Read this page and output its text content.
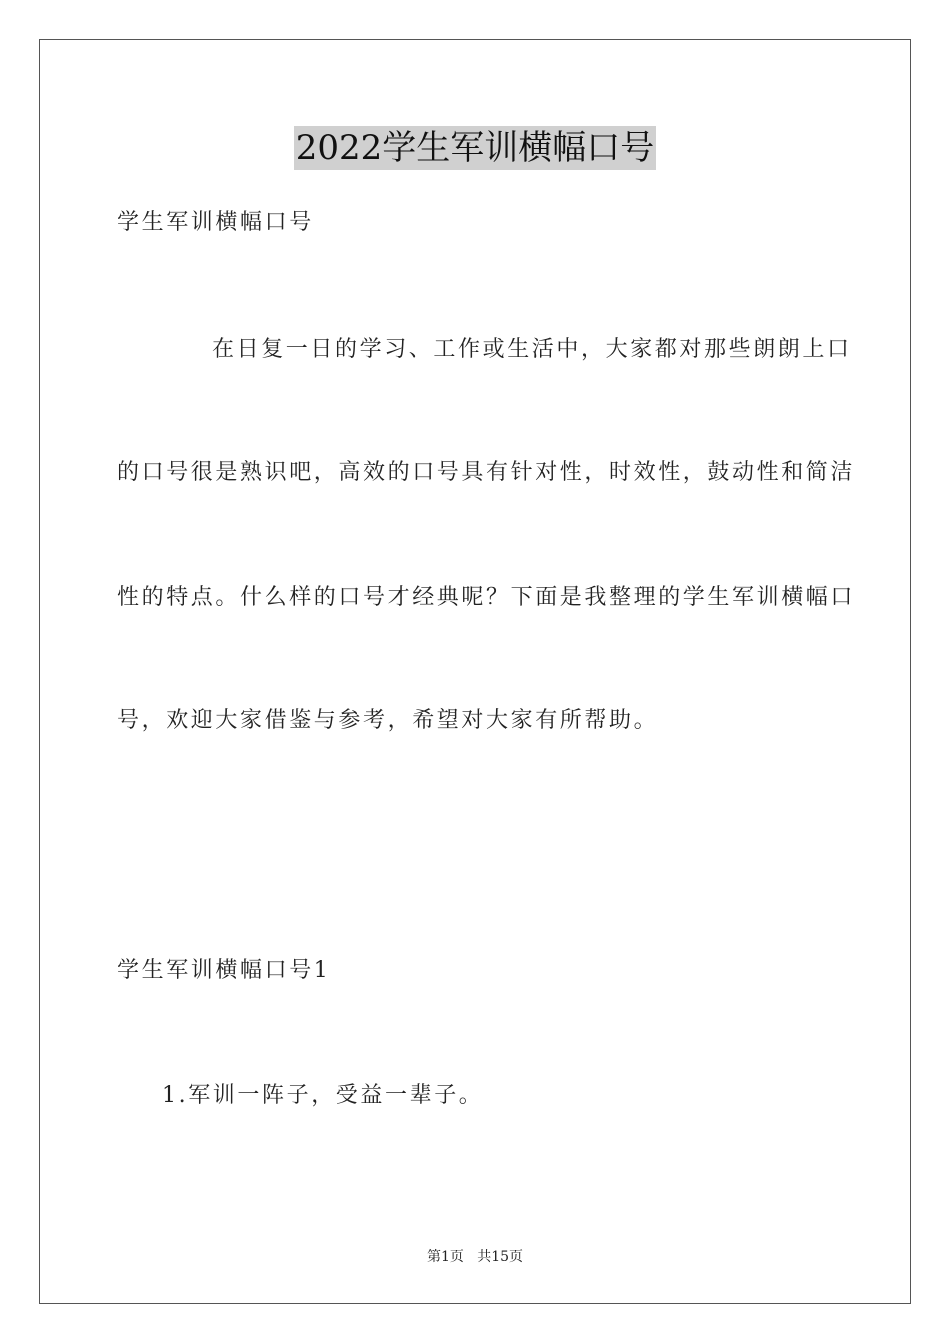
2022学生军训横幅口号
学生军训横幅口号
在日复一日的学习、工作或生活中，大家都对那些朗朗上口
的口号很是熟识吧，高效的口号具有针对性，时效性，鼓动性和简洁
性的特点。什么样的口号才经典呢？下面是我整理的学生军训横幅口
号，欢迎大家借鉴与参考，希望对大家有所帮助。
学生军训横幅口号1
1.军训一阵子，受益一辈子。
第1页   共15页
